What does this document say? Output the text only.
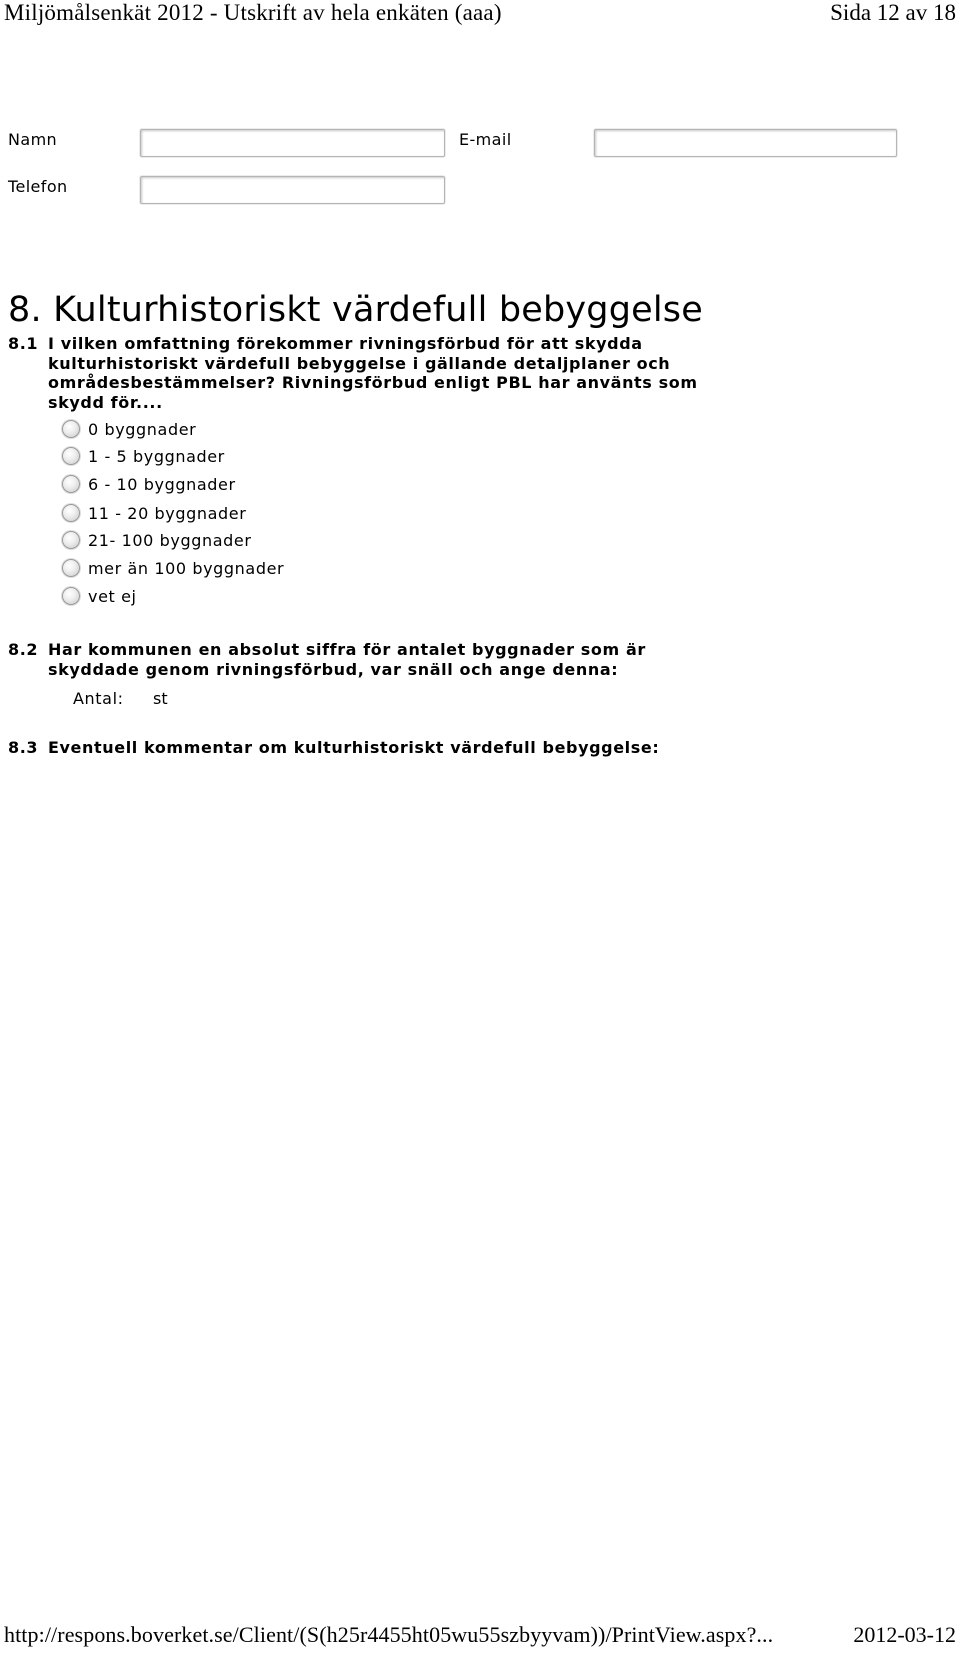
Miljömålsenkät 2012 - Utskrift av hela enkäten (aaa)	Sida 12 av 18
Namn	E-mail
Telefon
8. Kulturhistoriskt värdefull bebyggelse
8.1 I vilken omfattning förekommer rivningsförbud för att skydda
kulturhistoriskt värdefull bebyggelse i gällande detaljplaner och
områdesbestämmelser? Rivningsförbud enligt PBL har använts som
skydd för....
0 byggnader
1 - 5 byggnader
6 - 10 byggnader
11 - 20 byggnader
21- 100 byggnader
mer än 100 byggnader
vet ej
8.2 Har kommunen en absolut siffra för antalet byggnader som är
skyddade genom rivningsförbud, var snäll och ange denna:
Antal: st
8.3 Eventuell kommentar om kulturhistoriskt värdefull bebyggelse:
http://respons.boverket.se/Client/(S(h25r4455ht05wu55szbyyvam))/PrintView.aspx?...	2012-03-12
